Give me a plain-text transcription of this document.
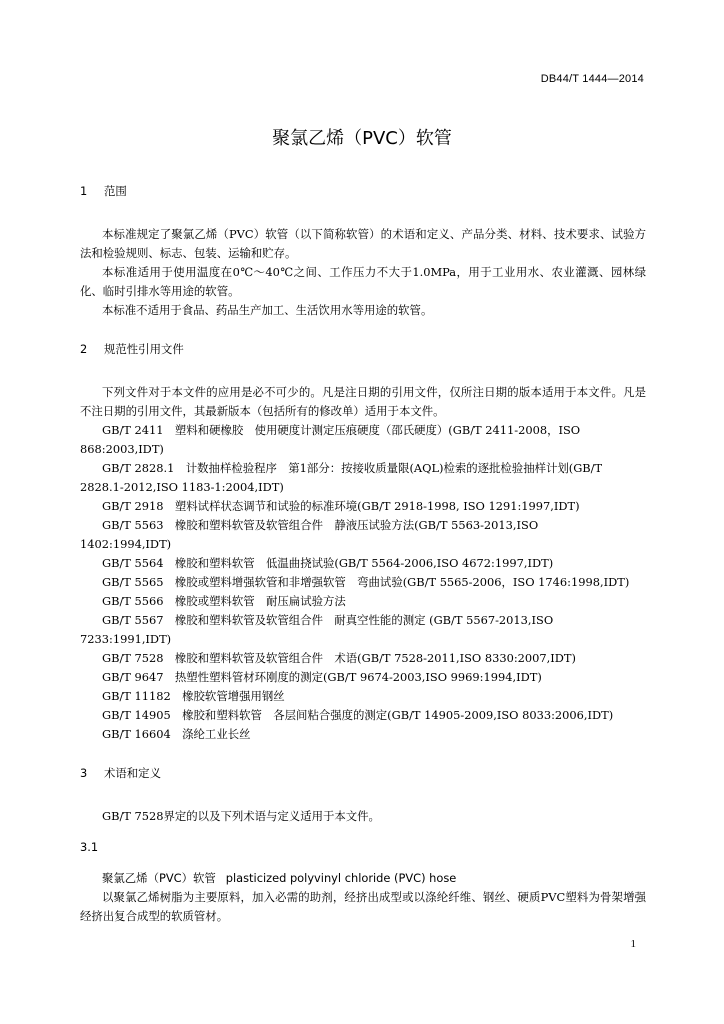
DB44/T 1444—2014
聚氯乙烯（PVC）软管

1 范围

本标准规定了聚氯乙烯（PVC）软管（以下简称软管）的术语和定义、产品分类、材料、技术要求、试验方法和检验规则、标志、包装、运输和贮存。

本标准适用于使用温度在0℃～40℃之间、工作压力不大于1.0MPa，用于工业用水、农业灌溉、园林绿化、临时引排水等用途的软管。

本标准不适用于食品、药品生产加工、生活饮用水等用途的软管。

2 规范性引用文件

下列文件对于本文件的应用是必不可少的。凡是注日期的引用文件，仅所注日期的版本适用于本文件。凡是不注日期的引用文件，其最新版本（包括所有的修改单）适用于本文件。

GB/T 2411　塑料和硬橡胶　使用硬度计测定压痕硬度（邵氏硬度）(GB/T 2411-2008，ISO
868:2003,IDT)

GB/T 2828.1　计数抽样检验程序　第1部分：按接收质量限(AQL)检索的逐批检验抽样计划(GB/T
2828.1-2012,ISO 1183-1:2004,IDT)

GB/T 2918　塑料试样状态调节和试验的标准环境(GB/T 2918-1998, ISO 1291:1997,IDT)

GB/T 5563　橡胶和塑料软管及软管组合件　静液压试验方法(GB/T 5563-2013,ISO
1402:1994,IDT)

GB/T 5564　橡胶和塑料软管　低温曲挠试验(GB/T 5564-2006,ISO 4672:1997,IDT)

GB/T 5565　橡胶或塑料增强软管和非增强软管　弯曲试验(GB/T 5565-2006，ISO 1746:1998,IDT)

GB/T 5566　橡胶或塑料软管　耐压扁试验方法

GB/T 5567　橡胶和塑料软管及软管组合件　耐真空性能的测定 (GB/T 5567-2013,ISO
7233:1991,IDT)

GB/T 7528　橡胶和塑料软管及软管组合件　术语(GB/T 7528-2011,ISO 8330:2007,IDT)

GB/T 9647　热塑性塑料管材环刚度的测定(GB/T 9674-2003,ISO 9969:1994,IDT)

GB/T 11182　橡胶软管增强用钢丝

GB/T 14905　橡胶和塑料软管　各层间粘合强度的测定(GB/T 14905-2009,ISO 8033:2006,IDT)

GB/T 16604　涤纶工业长丝

3 术语和定义

GB/T 7528界定的以及下列术语与定义适用于本文件。

3.1

聚氯乙烯（PVC）软管 plasticized polyvinyl chloride (PVC) hose

以聚氯乙烯树脂为主要原料，加入必需的助剂，经挤出成型或以涤纶纤维、钢丝、硬质PVC塑料为骨架增强经挤出复合成型的软质管材。

1
